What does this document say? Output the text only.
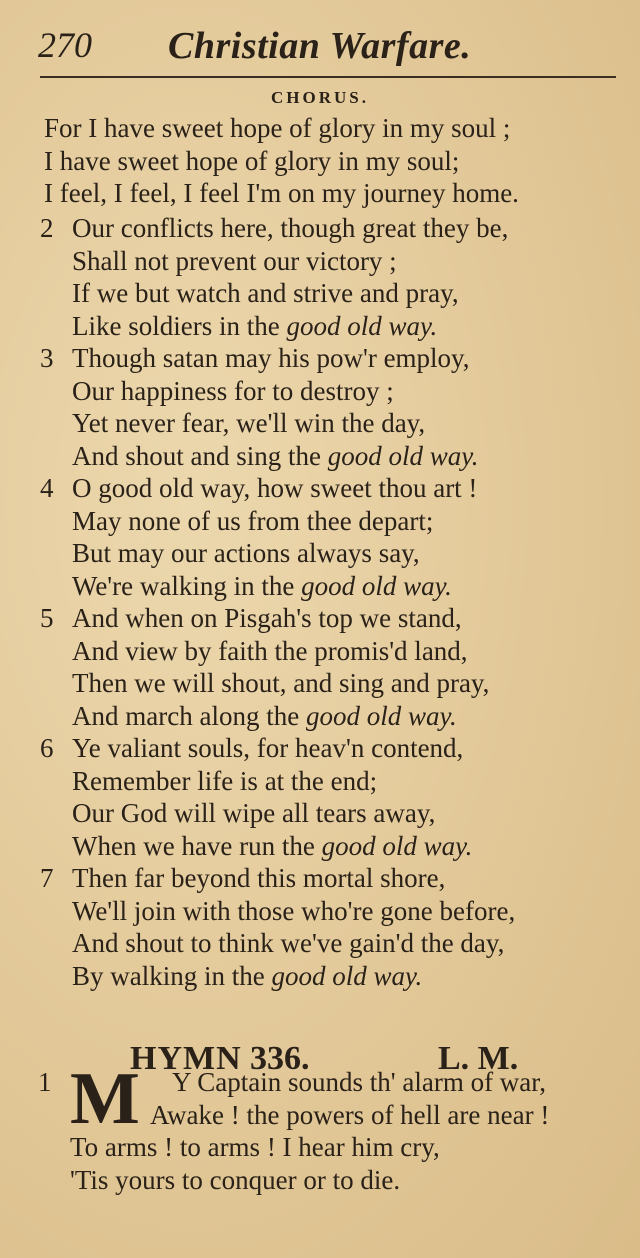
270 Christian Warfare.
CHORUS.
For I have sweet hope of glory in my soul ;
I have sweet hope of glory in my soul;
I feel, I feel, I feel I'm on my journey home.
2 Our conflicts here, though great they be,
Shall not prevent our victory ;
If we but watch and strive and pray,
Like soldiers in the good old way.
3 Though satan may his pow'r employ,
Our happiness for to destroy ;
Yet never fear, we'll win the day,
And shout and sing the good old way.
4 O good old way, how sweet thou art !
May none of us from thee depart;
But may our actions always say,
We're walking in the good old way.
5 And when on Pisgah's top we stand,
And view by faith the promis'd land,
Then we will shout, and sing and pray,
And march along the good old way.
6 Ye valiant souls, for heav'n contend,
Remember life is at the end;
Our God will wipe all tears away,
When we have run the good old way.
7 Then far beyond this mortal shore,
We'll join with those who're gone before,
And shout to think we've gain'd the day,
By walking in the good old way.
HYMN 336.	L. M.
1 M Y Captain sounds th' alarm of war,
Awake ! the powers of hell are near !
To arms ! to arms ! I hear him cry,
'Tis yours to conquer or to die.
